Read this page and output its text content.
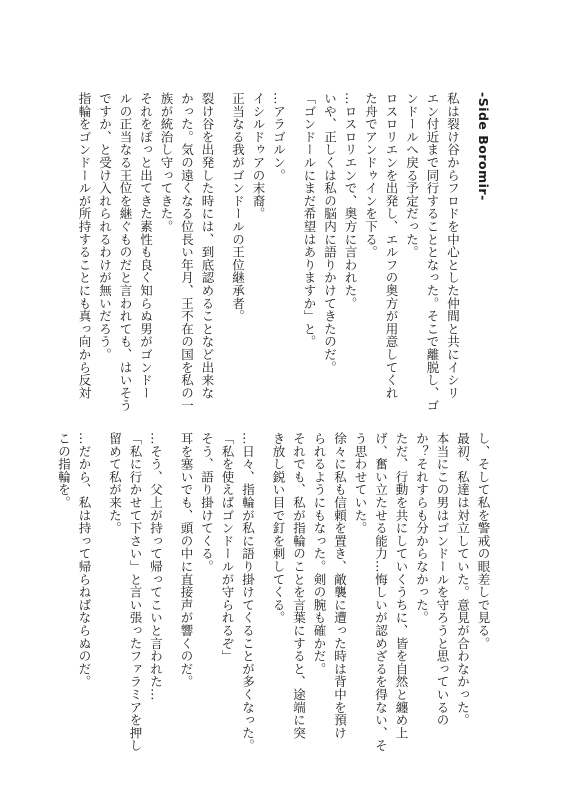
-Side Boromir-
私は裂け谷からフロドを中心とした仲間と共にイシリ
エン付近まで同行することとなった。そこで離脱し、ゴ
ンドールへ戻る予定だった。
ロスロリエンを出発し、エルフの奥方が用意してくれ
た舟でアンドゥインを下る。
…ロスロリエンで、奥方に言われた。
いや、正しくは私の脳内に語りかけてきたのだ。
「ゴンドールにまだ希望はありますか」と。
…アラゴルン。
イシルドゥアの末裔。
正当なる我がゴンドールの王位継承者。
裂け谷を出発した時には、到底認めることなど出来な
かった。気の遠くなる位長い年月、王不在の国を私の一
族が統治し守ってきた。
それをぽっと出てきた素性も良く知らぬ男がゴンドー
ルの正当なる王位を継ぐものだと言われても、はいそう
ですか、と受け入れられるわけが無いだろう。
指輪をゴンドールが所持することにも真っ向から反対
し、そして私を警戒の眼差しで見る。
最初、私達は対立していた。意見が合わなかった。
本当にこの男はゴンドールを守ろうと思っているの
か？それすらも分からなかった。
ただ、行動を共にしていくうちに、皆を自然と纏め上
げ、奮い立たせる能力…悔しいが認めざるを得ない、そ
う思わせていた。
徐々に私も信頼を置き、敵襲に遭った時は背中を預け
られるようにもなった。剣の腕も確かだ。
それでも、私が指輪のことを言葉にすると、途端に突
き放し鋭い目で釘を刺してくる。
…日々、指輪が私に語り掛けてくることが多くなった。
「私を使えばゴンドールが守られるぞ」
そう、語り掛けてくる。
耳を塞いでも、頭の中に直接声が響くのだ。
…そう、父上が持って帰ってこいと言われた…
「私に行かせて下さい」と言い張ったファラミアを押し
留めて私が来た。
…だから、私は持って帰らねばならぬのだ。
この指輪を。
